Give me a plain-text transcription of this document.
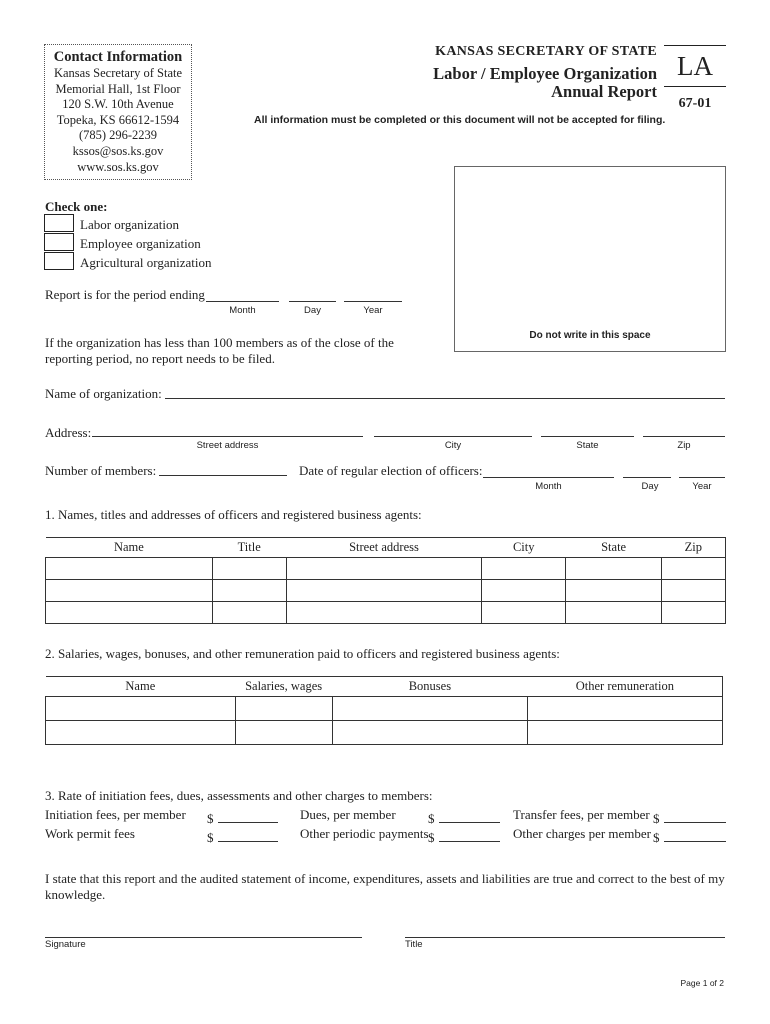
Contact Information
Kansas Secretary of State
Memorial Hall, 1st Floor
120 S.W. 10th Avenue
Topeka, KS 66612-1594
(785) 296-2239
kssos@sos.ks.gov
www.sos.ks.gov
KANSAS SECRETARY OF STATE
Labor / Employee Organization
Annual Report
All information must be completed or this document will not be accepted for filing.
LA
67-01
Do not write in this space
Check one:
Labor organization
Employee organization
Agricultural organization
Report is for the period ending
Month	Day	Year
If the organization has less than 100 members as of the close of the
reporting period, no report needs to be filed.
Name of organization:
Address:
Street address	City	State	Zip
Number of members:	Date of regular election of officers:
Month	Day	Year
1. Names, titles and addresses of officers and registered business agents:
Name	Title	Street address	City	State	Zip

2. Salaries, wages, bonuses, and other remuneration paid to officers and registered business agents:
Name	Salaries, wages	Bonuses	Other remuneration

3. Rate of initiation fees, dues, assessments and other charges to members:
Initiation fees, per member $	Dues, per member $	Transfer fees, per member $
Work permit fees	$	Other periodic payments $	Other charges per member $
I state that this report and the audited statement of income, expenditures, assets and liabilities are true and correct to the best of my
knowledge.
Signature	Title
Page 1 of 2
